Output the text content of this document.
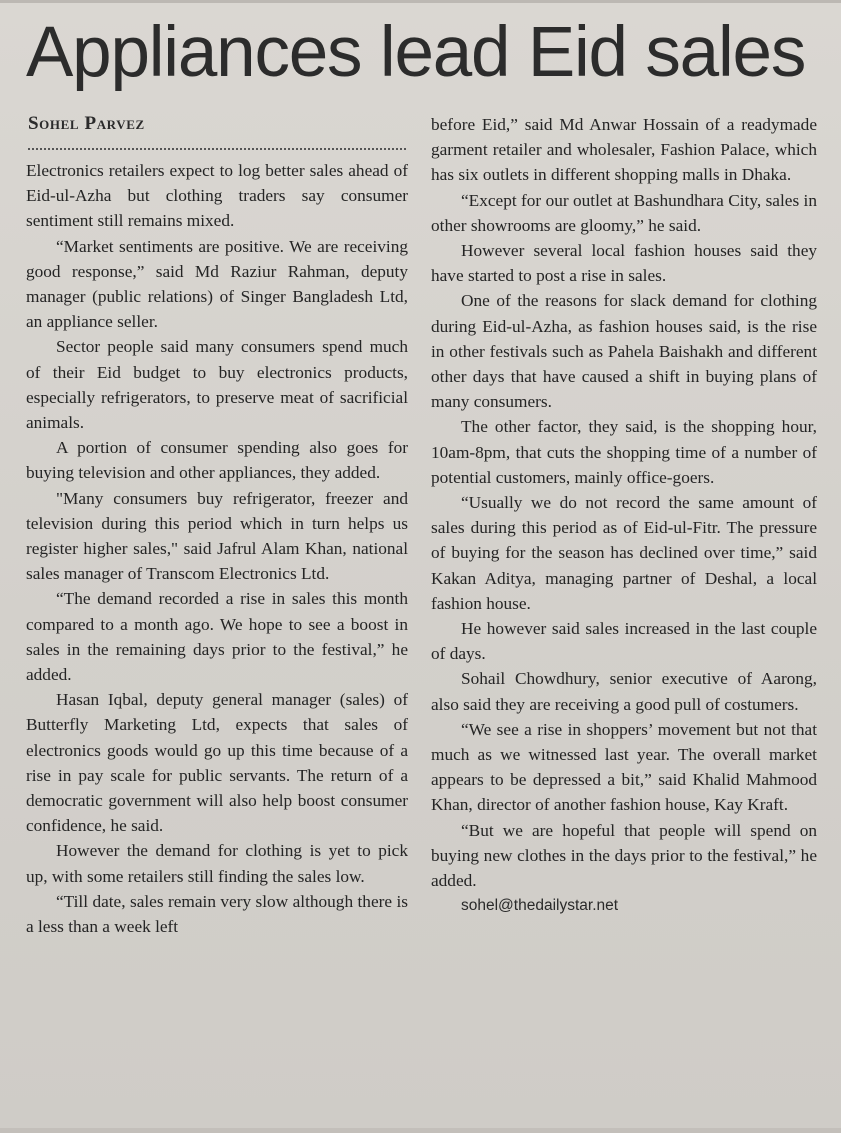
Appliances lead Eid sales
Sohel Parvez

Electronics retailers expect to log better sales ahead of Eid-ul-Azha but clothing traders say consumer sentiment still remains mixed.

“Market sentiments are positive. We are receiving good response,” said Md Raziur Rahman, deputy manager (public relations) of Singer Bangladesh Ltd, an appliance seller.

Sector people said many consumers spend much of their Eid budget to buy electronics products, especially refrigerators, to preserve meat of sacrificial animals.

A portion of consumer spending also goes for buying television and other appliances, they added.

"Many consumers buy refrigerator, freezer and television during this period which in turn helps us register higher sales," said Jafrul Alam Khan, national sales manager of Transcom Electronics Ltd.

“The demand recorded a rise in sales this month compared to a month ago. We hope to see a boost in sales in the remaining days prior to the festival,” he added.

Hasan Iqbal, deputy general manager (sales) of Butterfly Marketing Ltd, expects that sales of electronics goods would go up this time because of a rise in pay scale for public servants. The return of a democratic government will also help boost consumer confidence, he said.

However the demand for clothing is yet to pick up, with some retailers still finding the sales low.

“Till date, sales remain very slow although there is a less than a week left

before Eid,” said Md Anwar Hossain of a readymade garment retailer and wholesaler, Fashion Palace, which has six outlets in different shopping malls in Dhaka.

“Except for our outlet at Bashundhara City, sales in other showrooms are gloomy,” he said.

However several local fashion houses said they have started to post a rise in sales.

One of the reasons for slack demand for clothing during Eid-ul-Azha, as fashion houses said, is the rise in other festivals such as Pahela Baishakh and different other days that have caused a shift in buying plans of many consumers.

The other factor, they said, is the shopping hour, 10am-8pm, that cuts the shopping time of a number of potential customers, mainly office-goers.

“Usually we do not record the same amount of sales during this period as of Eid-ul-Fitr. The pressure of buying for the season has declined over time,” said Kakan Aditya, managing partner of Deshal, a local fashion house.

He however said sales increased in the last couple of days.

Sohail Chowdhury, senior executive of Aarong, also said they are receiving a good pull of costumers.

“We see a rise in shoppers’ movement but not that much as we witnessed last year. The overall market appears to be depressed a bit,” said Khalid Mahmood Khan, director of another fashion house, Kay Kraft.

“But we are hopeful that people will spend on buying new clothes in the days prior to the festival,” he added.

sohel@thedailystar.net
